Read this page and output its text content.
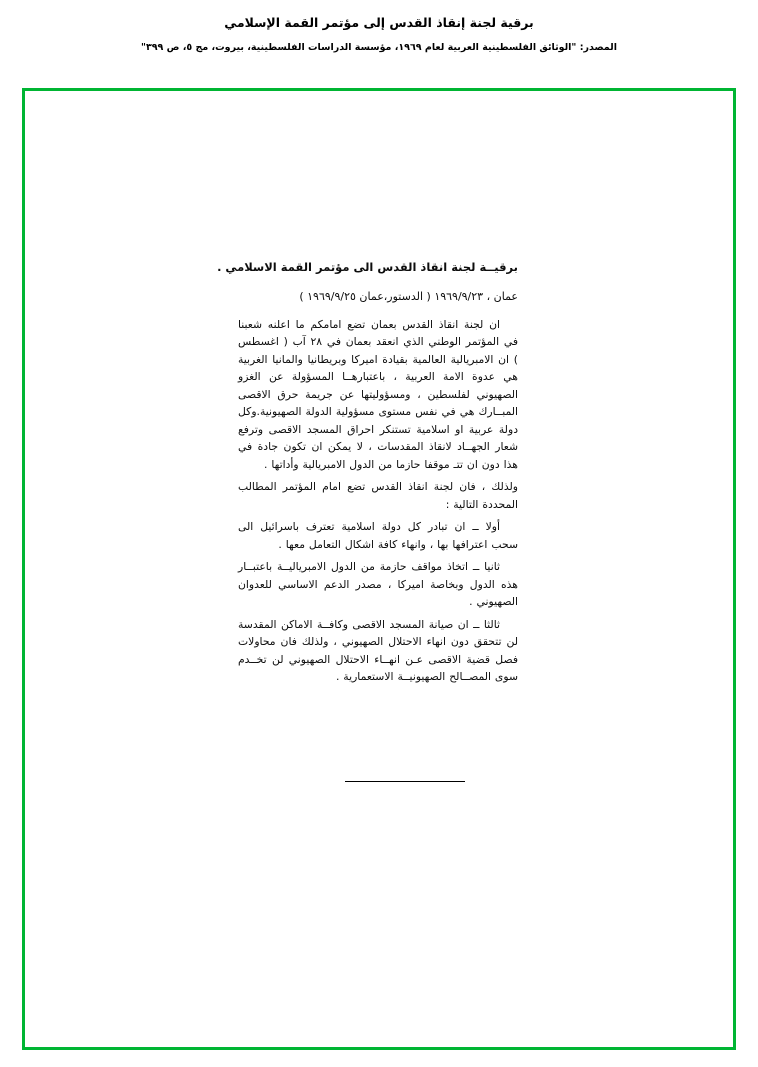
برقية لجنة إنقاذ القدس إلى مؤتمر القمة الإسلامي
المصدر: "الوثائق الفلسطينية العربية لعام ١٩٦٩، مؤسسة الدراسات الفلسطينية، بيروت، مج ٥، ص ٣٩٩"
برقيــة لجنة انقاذ القدس الى مؤتمر القمة الاسلامي .
عمان ، ١٩٦٩/٩/٢٣ ( الدستور،عمان ١٩٦٩/٩/٢٥ )

ان لجنة انقاذ القدس بعمان تضع امامكم ما اعلنه شعبنا في المؤتمر الوطني الذي انعقد بعمان في ٢٨ آب ( اغسطس ) ان الامبريالية العالمية بقيادة اميركا وبريطانيا والمانيا الغربية هي عدوة الامة العربية ، باعتبارهــا المسؤولة عن الغزو الصهيوني لفلسطين ، ومسؤوليتها عن جريمة حرق الاقصى المبــارك هي في نفس مستوى مسؤولية الدولة الصهيونية.وكل دولة عربية او اسلامية تستنكر احراق المسجد الاقصى وترفع شعار الجهــاد لانقاذ المقدسات ، لا يمكن ان تكون جادة في هذا دون ان تتـ موقفا حازما من الدول الامبريالية وأداتها .

ولذلك ، فان لجنة انقاذ القدس تضع امام المؤتمر المطالب المحددة التالية :

أولا ــ ان تبادر كل دولة اسلامية تعترف باسرائيل الى سحب اعترافها بها ، وانهاء كافة اشكال التعامل معها .

ثانيا ــ اتخاذ مواقف حازمة من الدول الامبرياليــة باعتبــار هذه الدول وبخاصة اميركا ، مصدر الدعم الاساسي للعدوان الصهيوني .

ثالثا ــ ان صيانة المسجد الاقصى وكافــة الاماكن المقدسة لن تتحقق دون انهاء الاحتلال الصهيوني ، ولذلك فان محاولات فصل قضية الاقصى عـن انهــاء الاحتلال الصهيوني لن تخــدم سوى المصــالح الصهيونيــة الاستعمارية .
